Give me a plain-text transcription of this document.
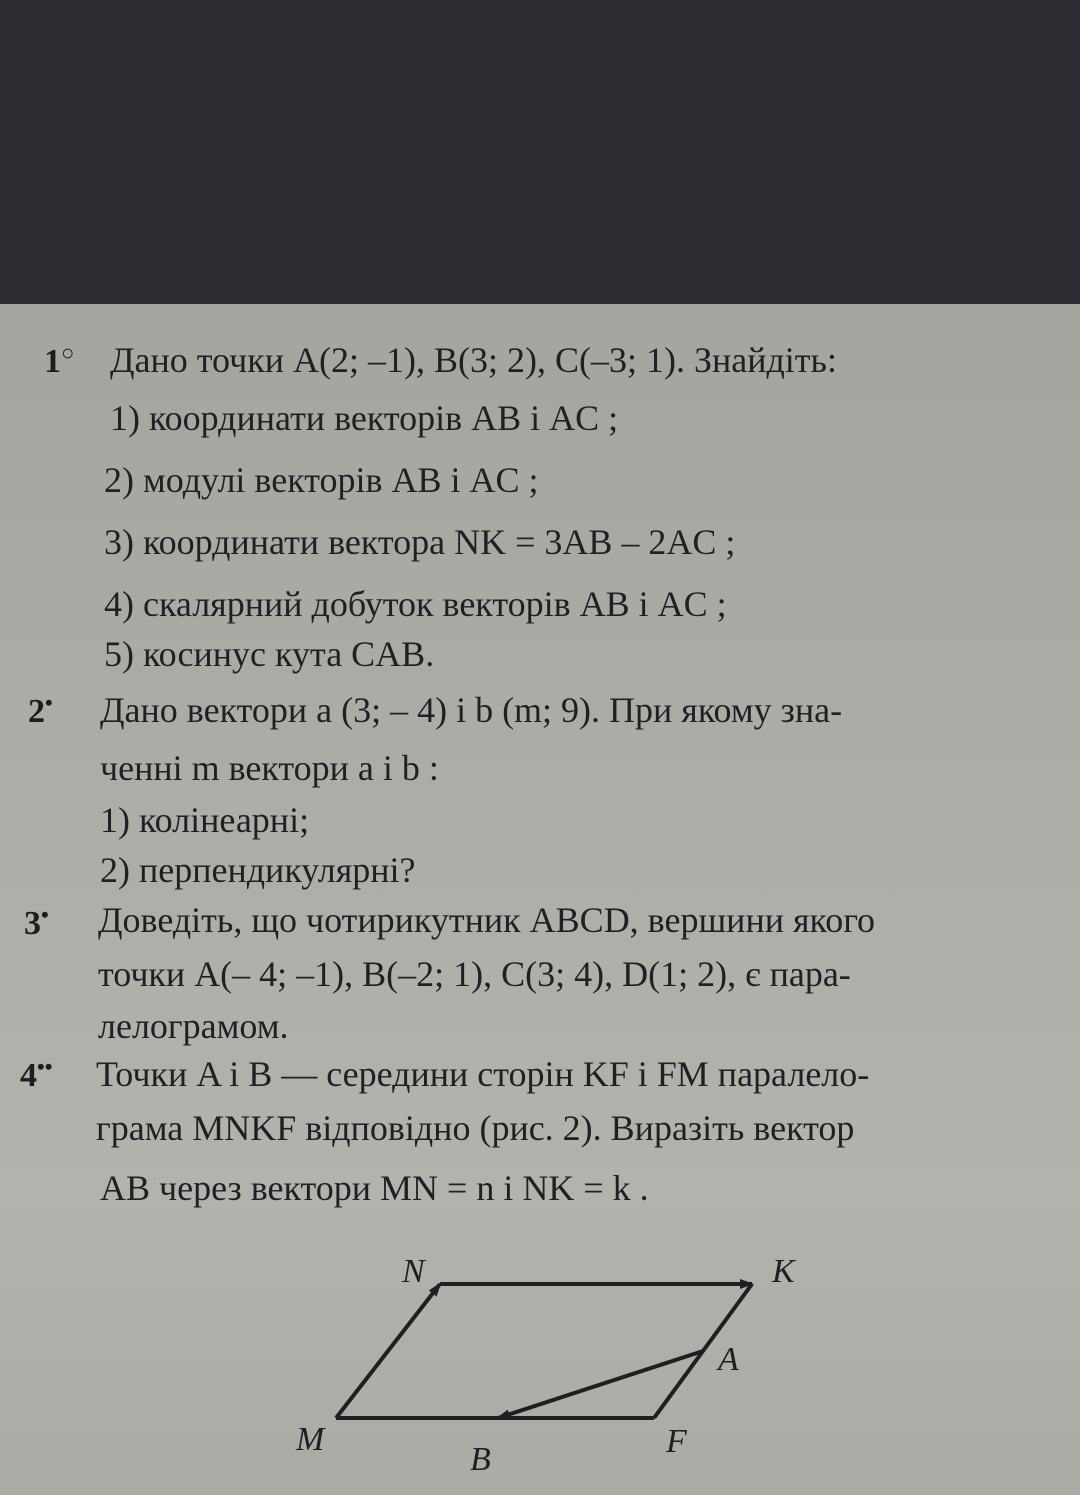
1○ Дано точки A(2; –1), B(3; 2), C(–3; 1). Знайдіть:
1) координати векторів AB і AC ;
2) модулі векторів AB і AC ;
3) координати вектора NK = 3AB – 2AC ;
4) скалярний добуток векторів AB і AC ;
5) косинус кута CAB.
2• Дано вектори a (3; – 4) і b (m; 9). При якому зна-
ченні m вектори a і b :
1) колінеарні;
2) перпендикулярні?
3• Доведіть, що чотирикутник ABCD, вершини якого
точки A(– 4; –1), B(–2; 1), C(3; 4), D(1; 2), є пара-
лелограмом.
4•• Точки A і B — середини сторін KF і FM паралело-
грама MNKF відповідно (рис. 2). Виразіть вектор
AB через вектори MN = n і NK = k .
N	K
A
M
B	F
